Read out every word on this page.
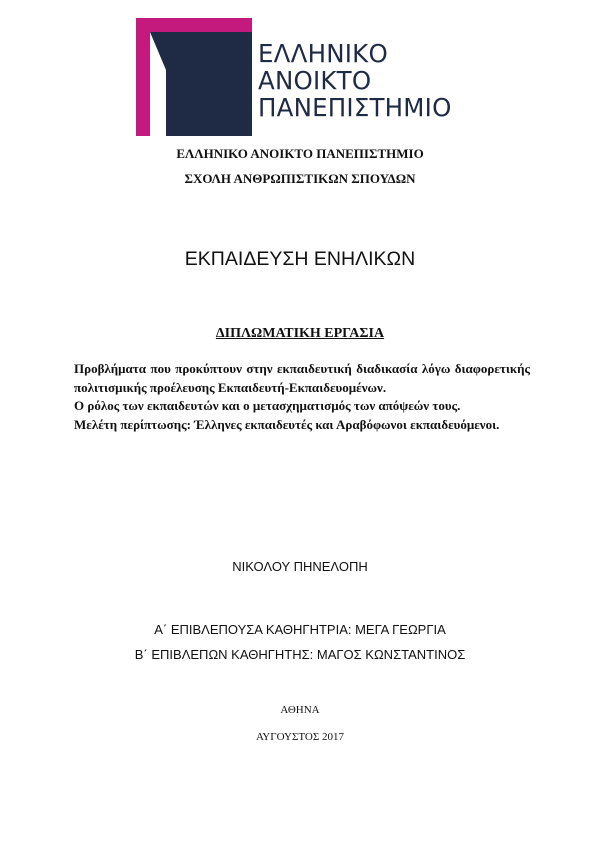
ΕΛΛΗΝΙΚΟ
ΑΝΟΙΚΤΟ
ΠΑΝΕΠΙΣΤΗΜΙΟ
ΕΛΛΗΝΙΚΟ ΑΝΟΙΚΤΟ ΠΑΝΕΠΙΣΤΗΜΙΟ
ΣΧΟΛΗ ΑΝΘΡΩΠΙΣΤΙΚΩΝ ΣΠΟΥΔΩΝ
ΕΚΠΑΙΔΕΥΣΗ ΕΝΗΛΙΚΩΝ
ΔΙΠΛΩΜΑΤΙΚΗ ΕΡΓΑΣΙΑ

Προβλήματα που προκύπτουν στην εκπαιδευτική διαδικασία λόγω διαφορετικής πολιτισμικής προέλευσης Εκπαιδευτή-Εκπαιδευομένων.

Ο ρόλος των εκπαιδευτών και ο μετασχηματισμός των απόψεών τους.

Μελέτη περίπτωσης: Έλληνες εκπαιδευτές και Αραβόφωνοι εκπαιδευόμενοι.

ΝΙΚΟΛΟΥ ΠΗΝΕΛΟΠΗ
Α΄ ΕΠΙΒΛΕΠΟΥΣΑ ΚΑΘΗΓΗΤΡΙΑ: ΜΕΓΑ ΓΕΩΡΓΙΑ
Β΄ ΕΠΙΒΛΕΠΩΝ ΚΑΘΗΓΗΤΗΣ: ΜΑΓΟΣ ΚΩΝΣΤΑΝΤΙΝΟΣ
ΑΘΗΝΑ
ΑΥΓΟΥΣΤΟΣ 2017
